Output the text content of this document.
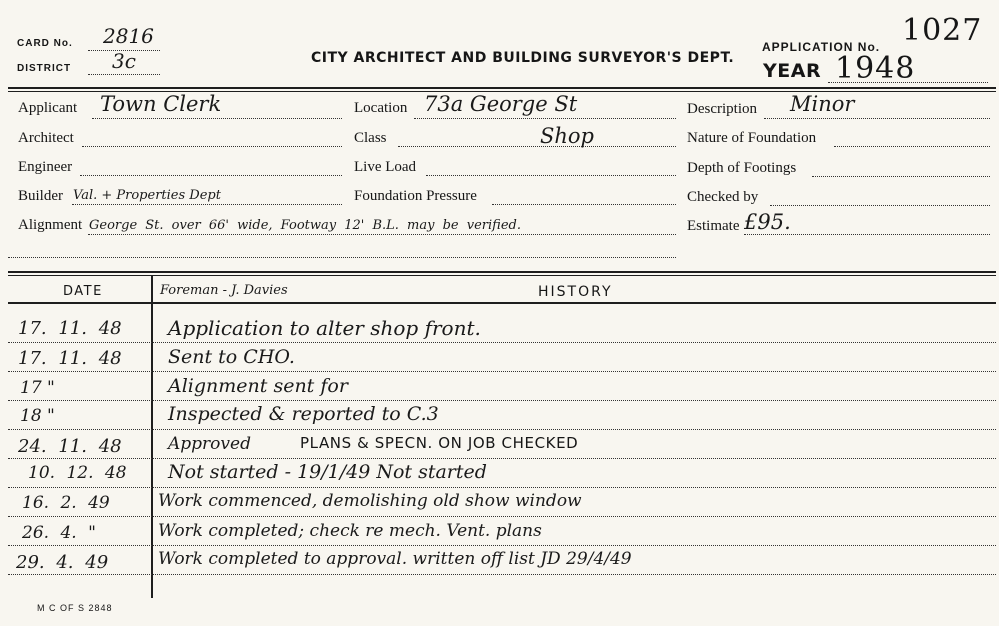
CARD No. 2816
DISTRICT 3c	CITY ARCHITECT AND BUILDING SURVEYOR'S DEPT.
APPLICATION No. 1027
YEAR 1948
Applicant Town Clerk
Architect
Engineer
Builder Val. + Properties Dept
Location 73a George St
Class	Shop
Live Load
Foundation Pressure
Description Minor
Nature of Foundation
Depth of Footings
Checked by
Alignment George St. over 66' wide, Footway 12' B.L. may be verified.	Estimate £95.
DATE	Foreman - J. Davies	HISTORY
17. 11. 48 Application to alter shop front.
17. 11. 48 Sent to CHO.
17 "	Alignment sent for
18 "	Inspected & reported to C.3
24. 11. 48	Approved	PLANS & SPECN. ON JOB CHECKED
10. 12. 48 Not started - 19/1/49 Not started
16. 2. 49	Work commenced, demolishing old show window
26. 4. "	Work completed; check re mech. Vent. plans
29. 4. 49	Work completed to approval. written off list JD 29/4/49
M C OF S 2848
